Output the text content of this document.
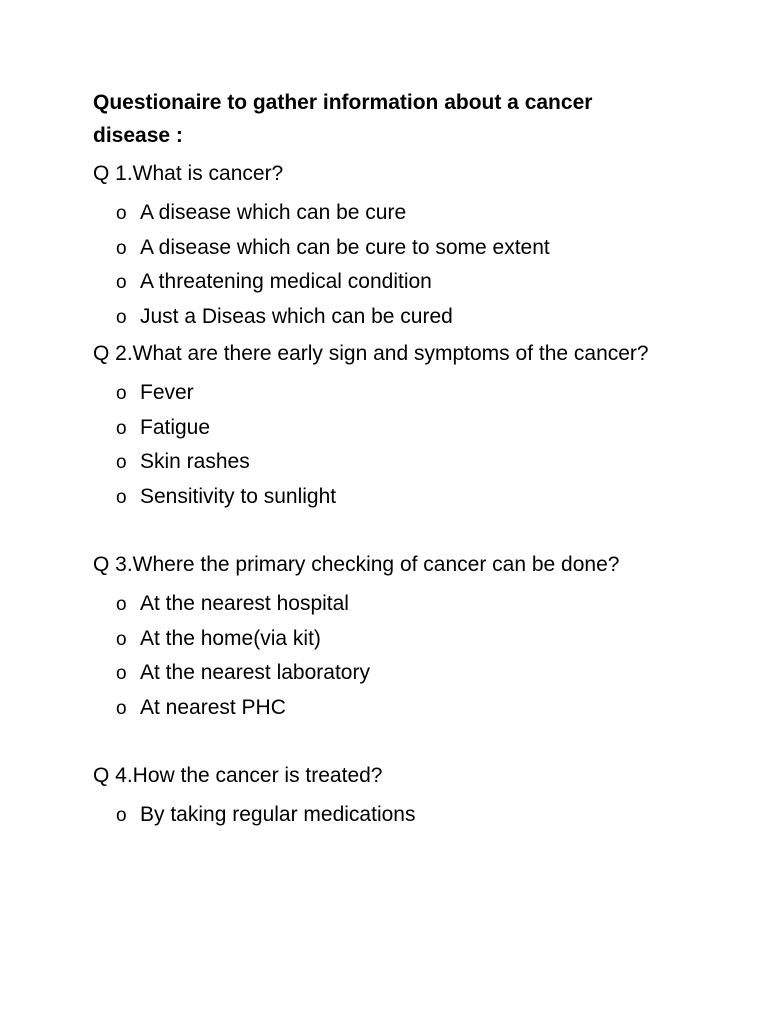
Questionaire to gather information about a cancer disease :
Q 1.What is cancer?
o A disease which can be cure
o A disease which can be cure to some extent
o A threatening medical condition
o Just a Diseas which can be cured
Q 2.What are there early sign and symptoms of the cancer?
o Fever
o Fatigue
o Skin rashes
o Sensitivity to sunlight
Q 3.Where the primary checking of cancer can be done?
o At the nearest hospital
o At the home(via kit)
o At the nearest laboratory
o At nearest PHC
Q 4.How the cancer is treated?
o By taking regular medications
